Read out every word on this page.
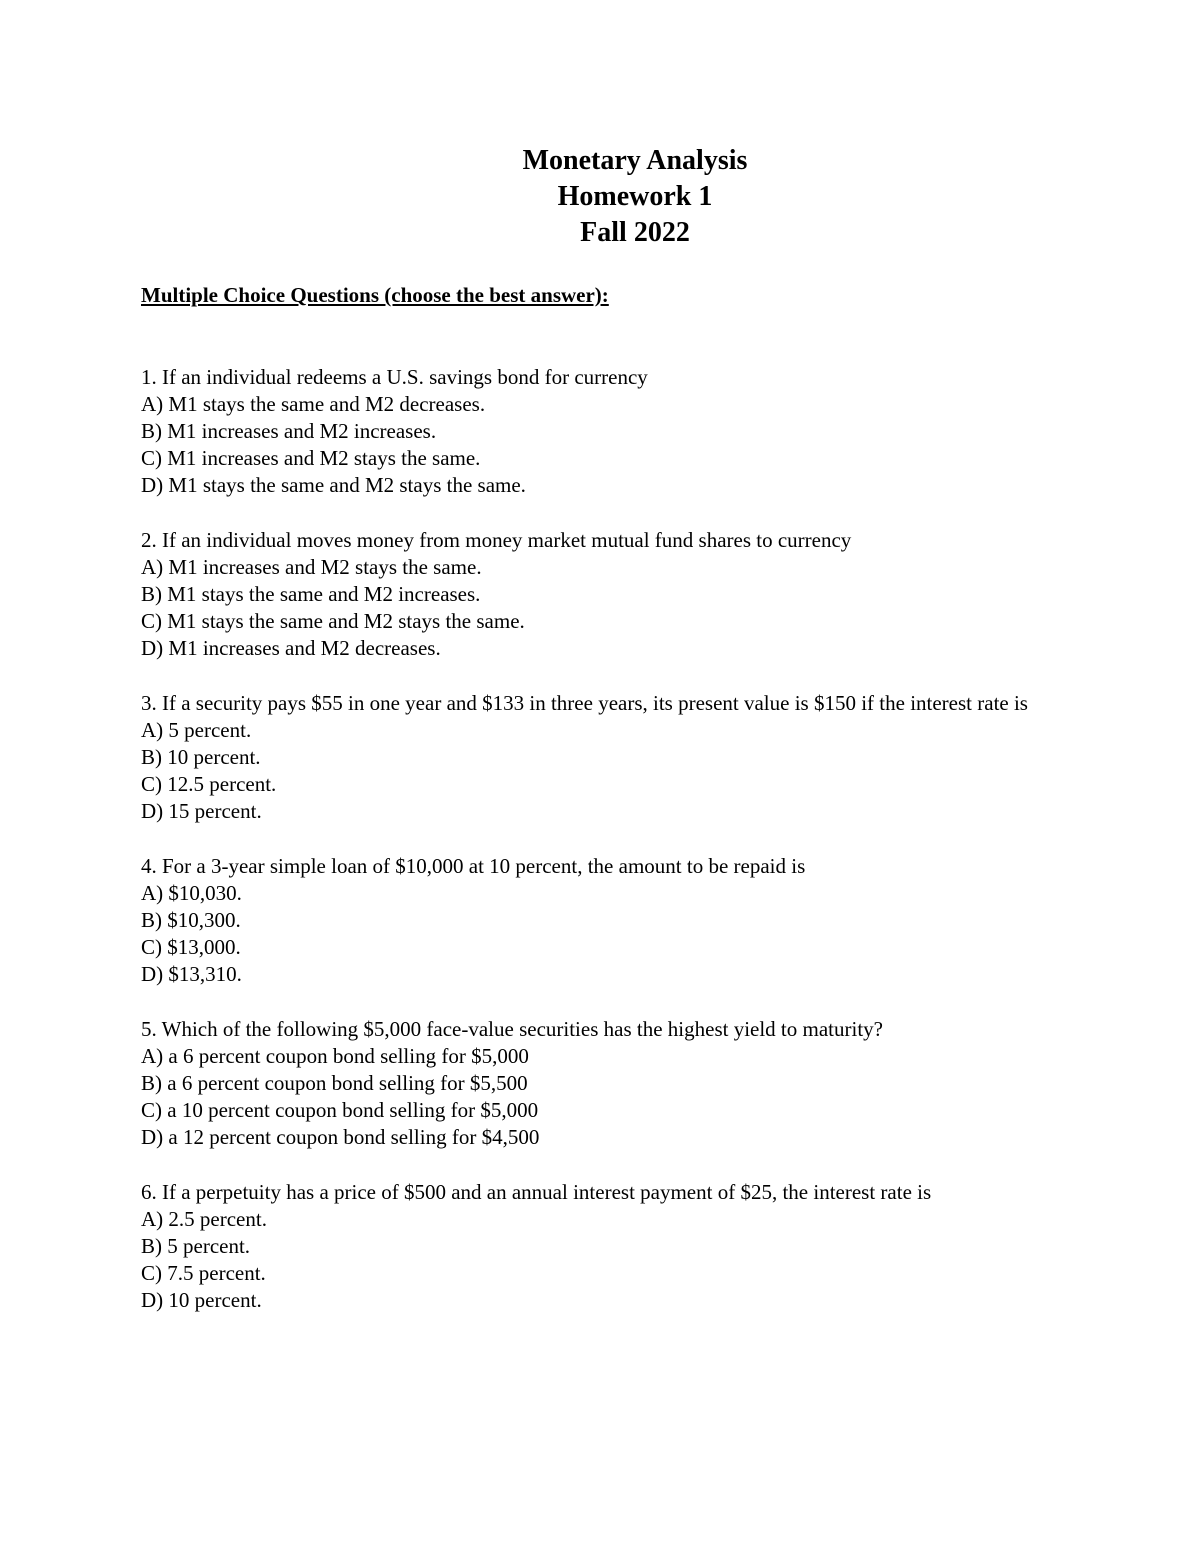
Monetary Analysis
Homework 1
Fall 2022
Multiple Choice Questions (choose the best answer):
1. If an individual redeems a U.S. savings bond for currency
A) M1 stays the same and M2 decreases.
B) M1 increases and M2 increases.
C) M1 increases and M2 stays the same.
D) M1 stays the same and M2 stays the same.
2. If an individual moves money from money market mutual fund shares to currency
A) M1 increases and M2 stays the same.
B) M1 stays the same and M2 increases.
C) M1 stays the same and M2 stays the same.
D) M1 increases and M2 decreases.
3. If a security pays $55 in one year and $133 in three years, its present value is $150 if the interest rate is
A) 5 percent.
B) 10 percent.
C) 12.5 percent.
D) 15 percent.
4. For a 3-year simple loan of $10,000 at 10 percent, the amount to be repaid is
A) $10,030.
B) $10,300.
C) $13,000.
D) $13,310.
5. Which of the following $5,000 face-value securities has the highest yield to maturity?
A) a 6 percent coupon bond selling for $5,000
B) a 6 percent coupon bond selling for $5,500
C) a 10 percent coupon bond selling for $5,000
D) a 12 percent coupon bond selling for $4,500
6. If a perpetuity has a price of $500 and an annual interest payment of $25, the interest rate is
A) 2.5 percent.
B) 5 percent.
C) 7.5 percent.
D) 10 percent.
